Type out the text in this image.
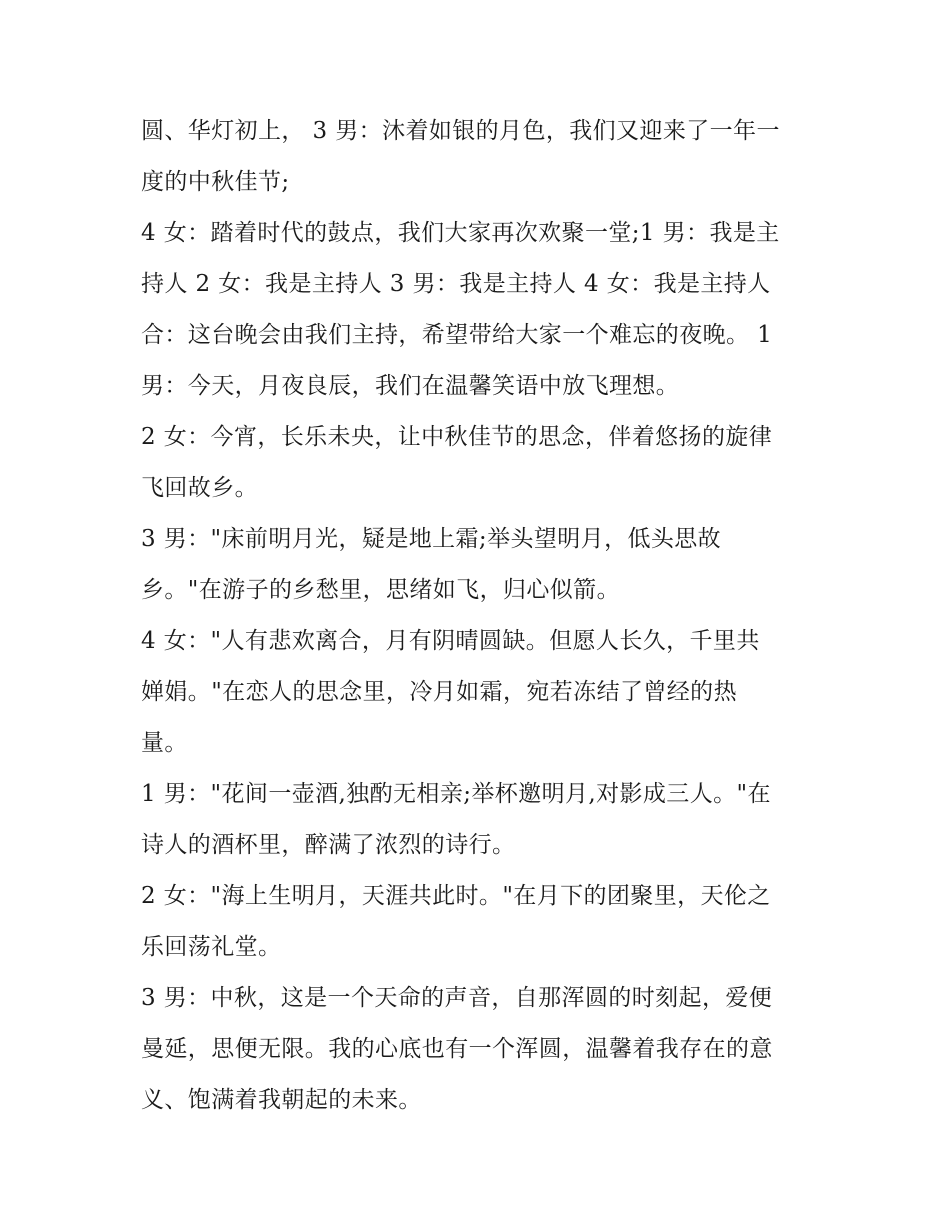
圆、华灯初上， 3 男：沐着如银的月色，我们又迎来了一年一
度的中秋佳节;
4 女：踏着时代的鼓点，我们大家再次欢聚一堂;1 男：我是主
持人 2 女：我是主持人 3 男：我是主持人 4 女：我是主持人
合：这台晚会由我们主持，希望带给大家一个难忘的夜晚。 1
男：今天，月夜良辰，我们在温馨笑语中放飞理想。
2 女：今宵，长乐未央，让中秋佳节的思念，伴着悠扬的旋律
飞回故乡。
3 男："床前明月光，疑是地上霜;举头望明月，低头思故
乡。"在游子的乡愁里，思绪如飞，归心似箭。
4 女："人有悲欢离合，月有阴晴圆缺。但愿人长久，千里共
婵娟。"在恋人的思念里，冷月如霜，宛若冻结了曾经的热
量。
1 男："花间一壶酒,独酌无相亲;举杯邀明月,对影成三人。"在
诗人的酒杯里，醉满了浓烈的诗行。
2 女："海上生明月，天涯共此时。"在月下的团聚里，天伦之
乐回荡礼堂。
3 男：中秋，这是一个天命的声音，自那浑圆的时刻起，爱便
曼延，思便无限。我的心底也有一个浑圆，温馨着我存在的意
义、饱满着我朝起的未来。
